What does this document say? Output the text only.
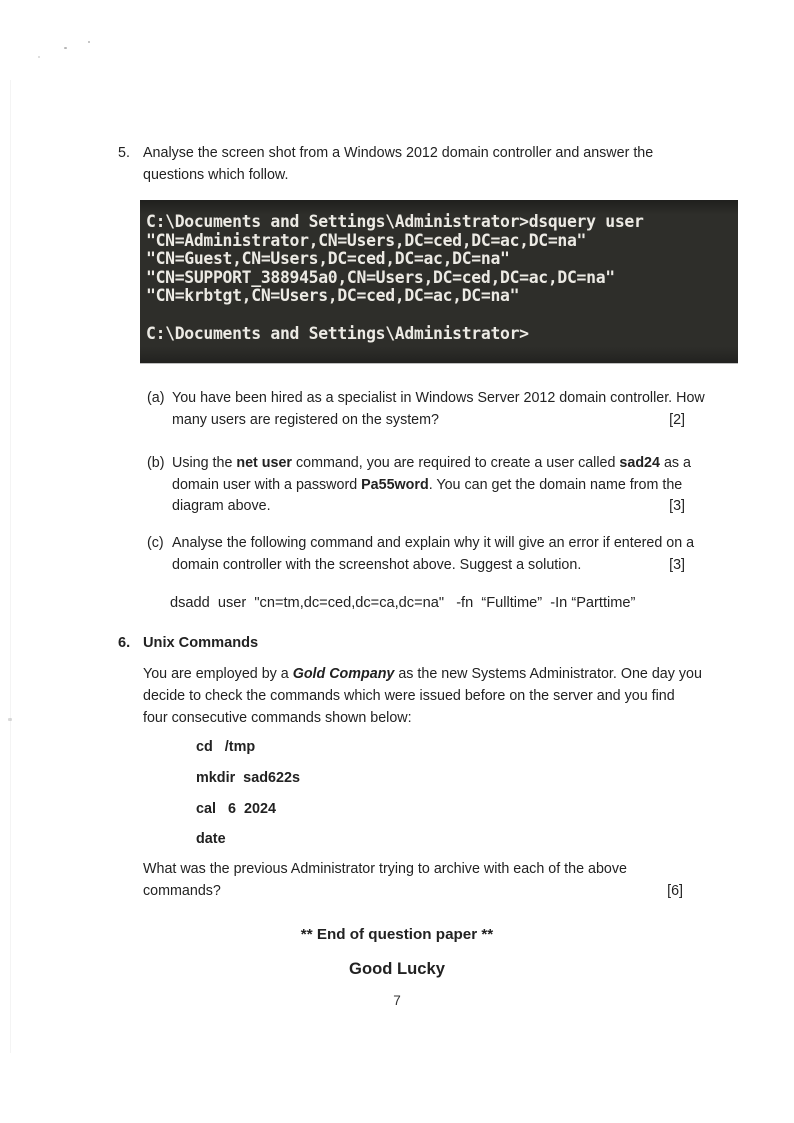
5. Analyse the screen shot from a Windows 2012 domain controller and answer the
questions which follow.
C:\Documents and Settings\Administrator>dsquery user
"CN=Administrator,CN=Users,DC=ced,DC=ac,DC=na"
"CN=Guest,CN=Users,DC=ced,DC=ac,DC=na"
"CN=SUPPORT_388945a0,CN=Users,DC=ced,DC=ac,DC=na"
"CN=krbtgt,CN=Users,DC=ced,DC=ac,DC=na"

C:\Documents and Settings\Administrator>
(a) You have been hired as a specialist in Windows Server 2012 domain controller. How
many users are registered on the system?	[2]
(b) Using the net user command, you are required to create a user called sad24 as a
domain user with a password Pa55word. You can get the domain name from the
diagram above.	[3]
(c) Analyse the following command and explain why it will give an error if entered on a
domain controller with the screenshot above. Suggest a solution.	[3]
dsadd  user  "cn=tm,dc=ced,dc=ca,dc=na"   -fn  “Fulltime”  -In “Parttime”
6. Unix Commands
You are employed by a Gold Company as the new Systems Administrator. One day you
decide to check the commands which were issued before on the server and you find
four consecutive commands shown below:
cd   /tmp
mkdir  sad622s
cal   6  2024
date
What was the previous Administrator trying to archive with each of the above
commands?	[6]
** End of question paper **
Good Lucky
7
